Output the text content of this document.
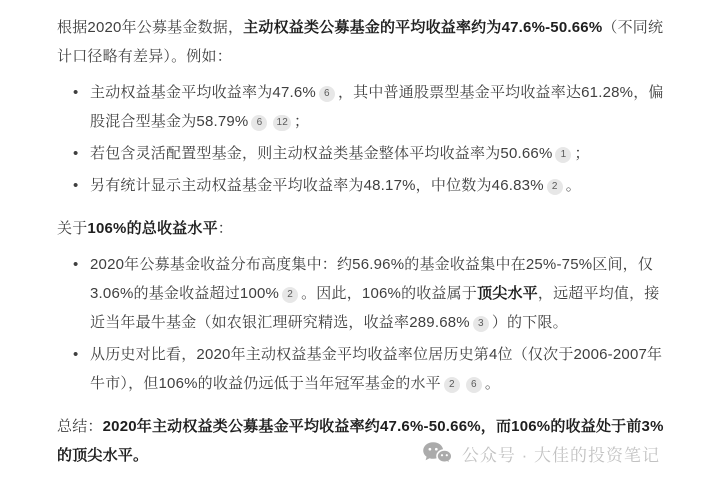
根据2020年公募基金数据，主动权益类公募基金的平均收益率约为47.6%-50.66%（不同统计口径略有差异）。例如：

• 主动权益基金平均收益率为47.6% 6 ，其中普通股票型基金平均收益率达61.28%，偏股混合型基金为58.79% 6 12 ；
• 若包含灵活配置型基金，则主动权益类基金整体平均收益率为50.66% 1 ；
• 另有统计显示主动权益基金平均收益率为48.17%，中位数为46.83% 2 。

关于106%的总收益水平：

• 2020年公募基金收益分布高度集中：约56.96%的基金收益集中在25%-75%区间，仅3.06%的基金收益超过100% 2 。因此，106%的收益属于顶尖水平，远超平均值，接近当年最牛基金（如农银汇理研究精选，收益率289.68% 3 ）的下限。
• 从历史对比看，2020年主动权益基金平均收益率位居历史第4位（仅次于2006-2007年牛市），但106%的收益仍远低于当年冠军基金的水平 2 6 。

总结：2020年主动权益类公募基金平均收益率约47.6%-50.66%，而106%的收益处于前3%的顶尖水平。	公众号 · 大佳的投资笔记
